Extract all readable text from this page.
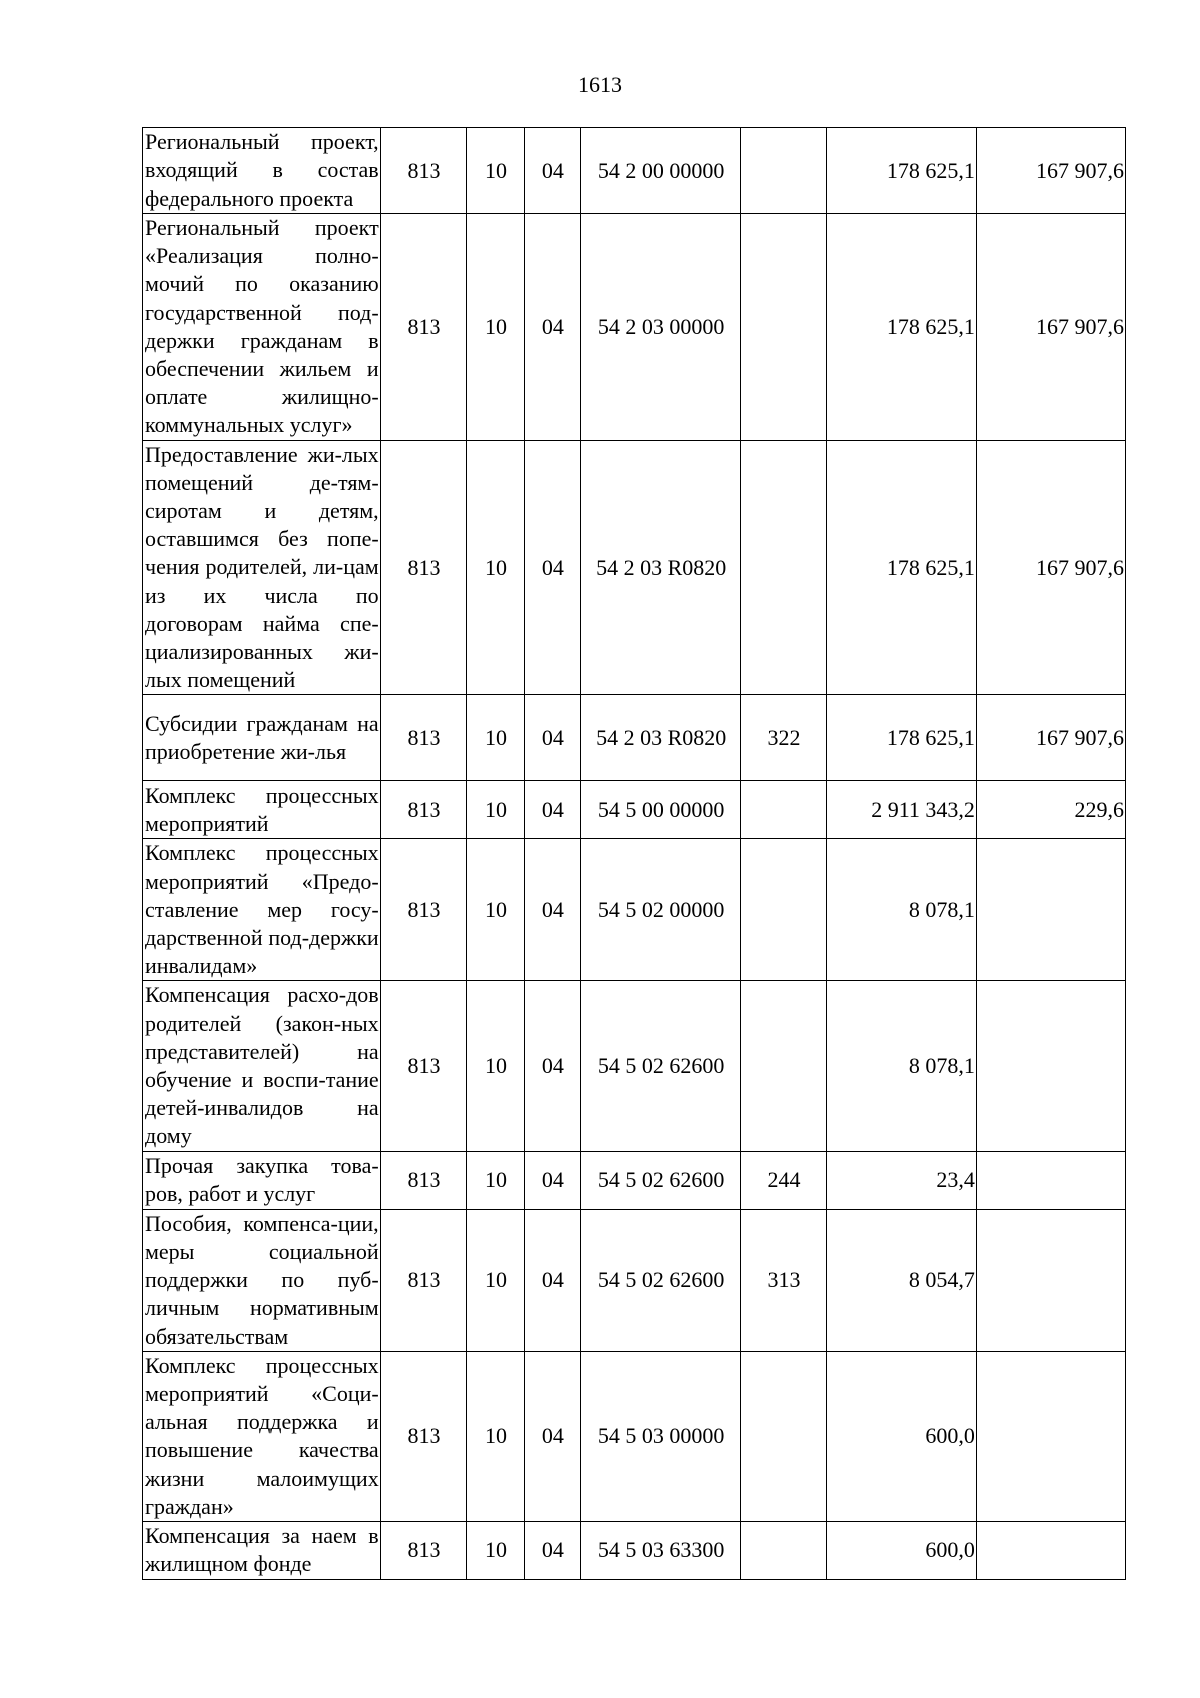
1613
Региональный проект, входящий в состав федерального проекта	813	10	04	54 2 00 00000		178 625,1	167 907,6
Региональный проект «Реализация полно-мочий по оказанию государственной под-держки гражданам в обеспечении жильем и оплате жилищно-коммунальных услуг»	813	10	04	54 2 03 00000		178 625,1	167 907,6
Предоставление жи-лых помещений де-тям-сиротам и детям, оставшимся без попе-чения родителей, ли-цам из их числа по договорам найма спе-циализированных жи-лых помещений	813	10	04	54 2 03 R0820		178 625,1	167 907,6
Субсидии гражданам на приобретение жи-лья	813	10	04	54 2 03 R0820	322	178 625,1	167 907,6
Комплекс процессных мероприятий	813	10	04	54 5 00 00000		2 911 343,2	229,6
Комплекс процессных мероприятий «Предо-ставление мер госу-дарственной под-держки инвалидам»	813	10	04	54 5 02 00000		8 078,1	
Компенсация расхо-дов родителей (закон-ных представителей) на обучение и воспи-тание детей-инвалидов на дому	813	10	04	54 5 02 62600		8 078,1	
Прочая закупка това-ров, работ и услуг	813	10	04	54 5 02 62600	244	23,4	
Пособия, компенса-ции, меры социальной поддержки по пуб-личным нормативным обязательствам	813	10	04	54 5 02 62600	313	8 054,7	
Комплекс процессных мероприятий «Соци-альная поддержка и повышение качества жизни малоимущих граждан»	813	10	04	54 5 03 00000		600,0	
Компенсация за наем в жилищном фонде	813	10	04	54 5 03 63300		600,0	
